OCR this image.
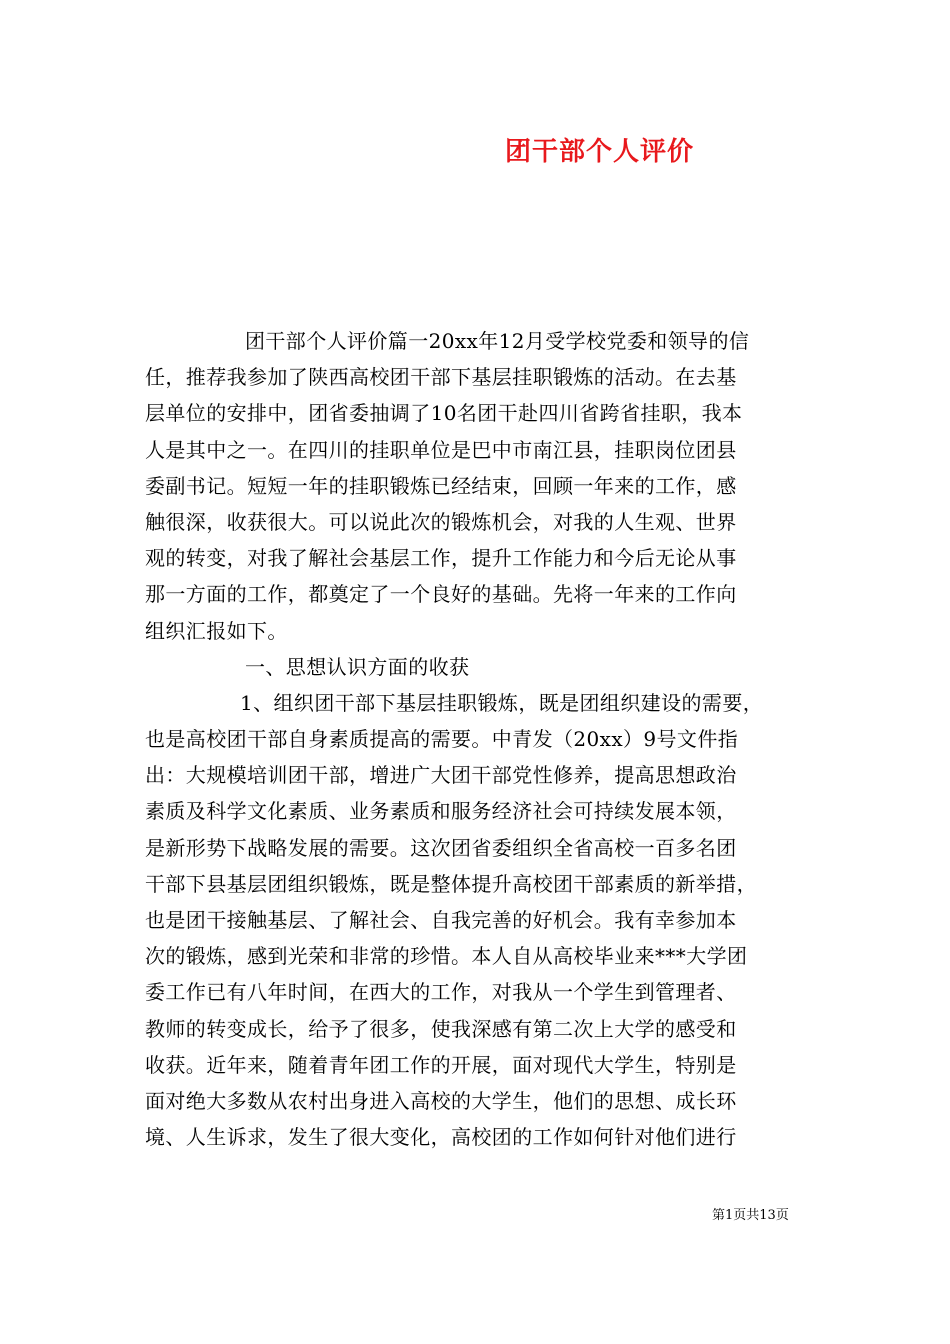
团干部个人评价
团干部个人评价篇一20xx年12月受学校党委和领导的信
任，推荐我参加了陕西高校团干部下基层挂职锻炼的活动。在去基
层单位的安排中，团省委抽调了10名团干赴四川省跨省挂职，我本
人是其中之一。在四川的挂职单位是巴中市南江县，挂职岗位团县
委副书记。短短一年的挂职锻炼已经结束，回顾一年来的工作，感
触很深，收获很大。可以说此次的锻炼机会，对我的人生观、世界
观的转变，对我了解社会基层工作，提升工作能力和今后无论从事
那一方面的工作，都奠定了一个良好的基础。先将一年来的工作向
组织汇报如下。
一、思想认识方面的收获
1、组织团干部下基层挂职锻炼，既是团组织建设的需要，
也是高校团干部自身素质提高的需要。中青发（20xx）9号文件指
出：大规模培训团干部，增进广大团干部党性修养，提高思想政治
素质及科学文化素质、业务素质和服务经济社会可持续发展本领，
是新形势下战略发展的需要。这次团省委组织全省高校一百多名团
干部下县基层团组织锻炼，既是整体提升高校团干部素质的新举措，
也是团干接触基层、了解社会、自我完善的好机会。我有幸参加本
次的锻炼，感到光荣和非常的珍惜。本人自从高校毕业来***大学团
委工作已有八年时间，在西大的工作，对我从一个学生到管理者、
教师的转变成长，给予了很多，使我深感有第二次上大学的感受和
收获。近年来，随着青年团工作的开展，面对现代大学生，特别是
面对绝大多数从农村出身进入高校的大学生，他们的思想、成长环
境、人生诉求，发生了很大变化，高校团的工作如何针对他们进行
第1页共13页
